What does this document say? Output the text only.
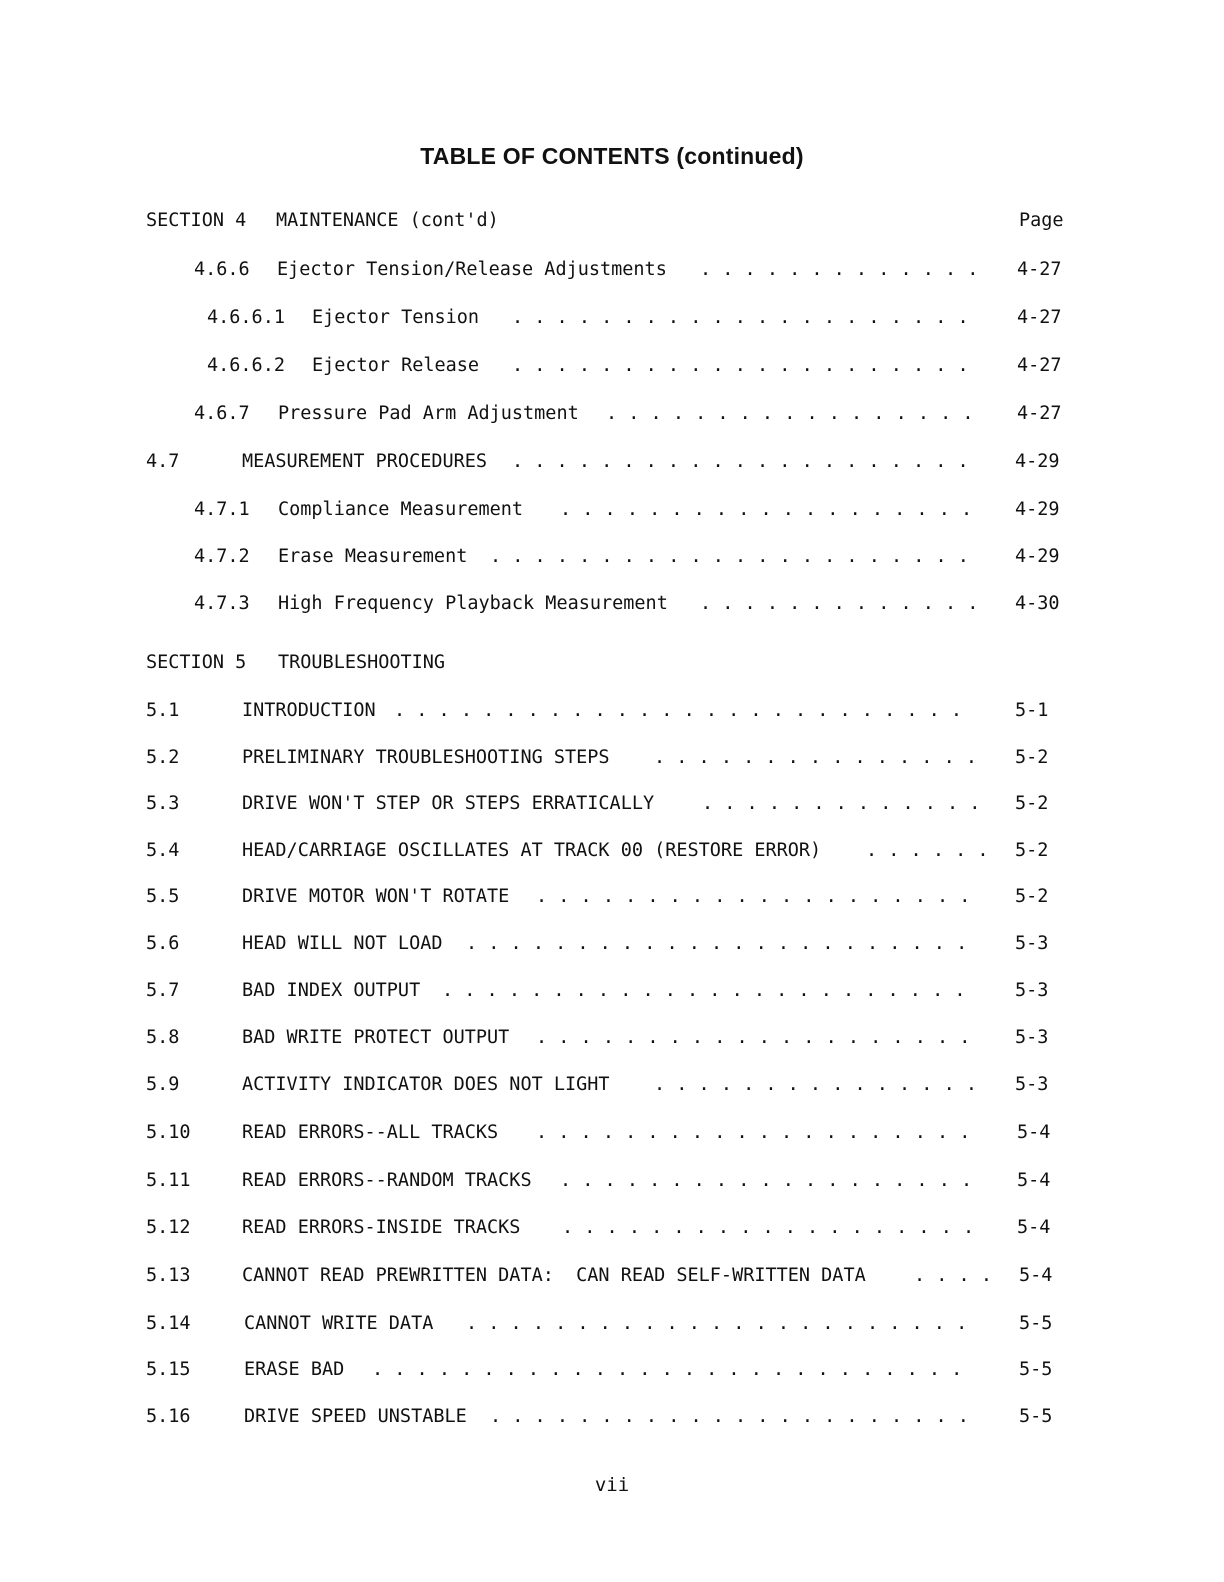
TABLE OF CONTENTS (continued)
SECTION 4 MAINTENANCE (cont'd)	Page
4.6.6 Ejector Tension/Release Adjustments . . . . . . . . . . . . .	4-27
4.6.6.1 Ejector Tension . . . . . . . . . . . . . . . . . . . . .	4-27
4.6.6.2 Ejector Release . . . . . . . . . . . . . . . . . . . . .	4-27
4.6.7 Pressure Pad Arm Adjustment . . . . . . . . . . . . . . . . .	4-27
4.7	MEASUREMENT PROCEDURES . . . . . . . . . . . . . . . . . . . . .	4-29
4.7.1 Compliance Measurement . . . . . . . . . . . . . . . . . . .	4-29
4.7.2 Erase Measurement . . . . . . . . . . . . . . . . . . . . . .	4-29
4.7.3 High Frequency Playback Measurement . . . . . . . . . . . . .	4-30
SECTION 5 TROUBLESHOOTING
5.1	INTRODUCTION . . . . . . . . . . . . . . . . . . . . . . . . . .	5-1
5.2	PRELIMINARY TROUBLESHOOTING STEPS . . . . . . . . . . . . . . .	5-2
5.3	DRIVE WON'T STEP OR STEPS ERRATICALLY	. . . . . . . . . . . . .	5-2
5.4	HEAD/CARRIAGE OSCILLATES AT TRACK 00 (RESTORE ERROR) . . . . . .	5-2
5.5	DRIVE MOTOR WON'T ROTATE . . . . . . . . . . . . . . . . . . . .	5-2
5.6	HEAD WILL NOT LOAD . . . . . . . . . . . . . . . . . . . . . . .	5-3
5.7	BAD INDEX OUTPUT . . . . . . . . . . . . . . . . . . . . . . . .	5-3
5.8	BAD WRITE PROTECT OUTPUT . . . . . . . . . . . . . . . . . . . .	5-3
5.9	ACTIVITY INDICATOR DOES NOT LIGHT . . . . . . . . . . . . . . .	5-3
5.10	READ ERRORS--ALL TRACKS . . . . . . . . . . . . . . . . . . . .	5-4
5.11	READ ERRORS--RANDOM TRACKS . . . . . . . . . . . . . . . . . . .	5-4
5.12	READ ERRORS-INSIDE TRACKS . . . . . . . . . . . . . . . . . . .	5-4
5.13	CANNOT READ PREWRITTEN DATA:  CAN READ SELF-WRITTEN DATA	. . . .	5-4
5.14	CANNOT WRITE DATA . . . . . . . . . . . . . . . . . . . . . . .	5-5
5.15	ERASE BAD . . . . . . . . . . . . . . . . . . . . . . . . . . .	5-5
5.16	DRIVE SPEED UNSTABLE . . . . . . . . . . . . . . . . . . . . . .	5-5
vii
